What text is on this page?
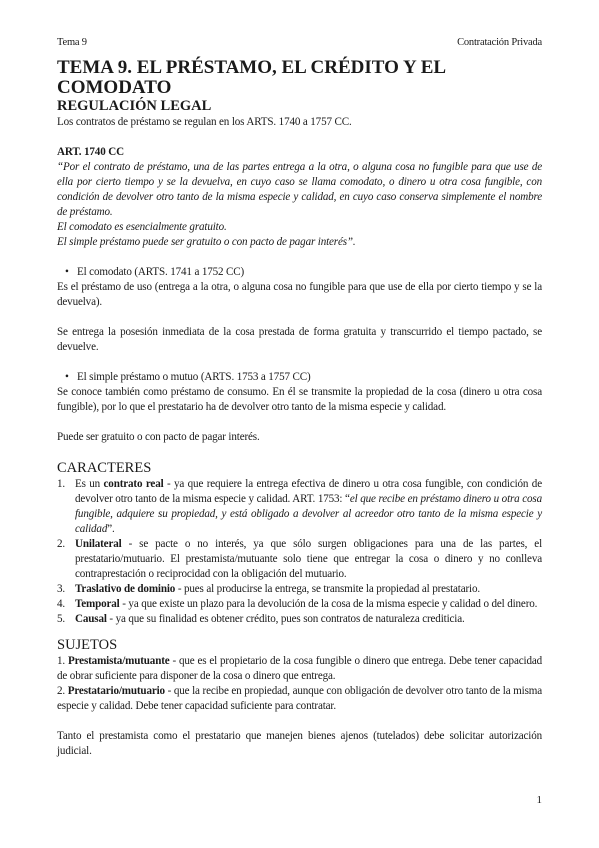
Tema 9	Contratación Privada
TEMA 9. EL PRÉSTAMO, EL CRÉDITO Y EL COMODATO
REGULACIÓN LEGAL

Los contratos de préstamo se regulan en los ARTS. 1740 a 1757 CC.

ART. 1740 CC

“Por el contrato de préstamo, una de las partes entrega a la otra, o alguna cosa no fungible para que use de ella por cierto tiempo y se la devuelva, en cuyo caso se llama comodato, o dinero u otra cosa fungible, con condición de devolver otro tanto de la misma especie y calidad, en cuyo caso conserva simplemente el nombre de préstamo.

El comodato es esencialmente gratuito.

El simple préstamo puede ser gratuito o con pacto de pagar interés”.

• El comodato (ARTS. 1741 a 1752 CC)

Es el préstamo de uso (entrega a la otra, o alguna cosa no fungible para que use de ella por cierto tiempo y se la devuelva).

Se entrega la posesión inmediata de la cosa prestada de forma gratuita y transcurrido el tiempo pactado, se devuelve.

• El simple préstamo o mutuo (ARTS. 1753 a 1757 CC)

Se conoce también como préstamo de consumo. En él se transmite la propiedad de la cosa (dinero u otra cosa fungible), por lo que el prestatario ha de devolver otro tanto de la misma especie y calidad.

Puede ser gratuito o con pacto de pagar interés.

CARACTERES
1. Es un contrato real - ya que requiere la entrega efectiva de dinero u otra cosa fungible, con condición de devolver otro tanto de la misma especie y calidad. ART. 1753: “el que recibe en préstamo dinero u otra cosa fungible, adquiere su propiedad, y está obligado a devolver al acreedor otro tanto de la misma especie y calidad”.
2. Unilateral - se pacte o no interés, ya que sólo surgen obligaciones para una de las partes, el prestatario/mutuario. El prestamista/mutuante solo tiene que entregar la cosa o dinero y no conlleva contraprestación o reciprocidad con la obligación del mutuario.
3. Traslativo de dominio - pues al producirse la entrega, se transmite la propiedad al prestatario.
4. Temporal - ya que existe un plazo para la devolución de la cosa de la misma especie y calidad o del dinero.
5. Causal - ya que su finalidad es obtener crédito, pues son contratos de naturaleza crediticia.
SUJETOS

1. Prestamista/mutuante - que es el propietario de la cosa fungible o dinero que entrega. Debe tener capacidad de obrar suficiente para disponer de la cosa o dinero que entrega.

2. Prestatario/mutuario - que la recibe en propiedad, aunque con obligación de devolver otro tanto de la misma especie y calidad. Debe tener capacidad suficiente para contratar.

Tanto el prestamista como el prestatario que manejen bienes ajenos (tutelados) debe solicitar autorización judicial.

1
